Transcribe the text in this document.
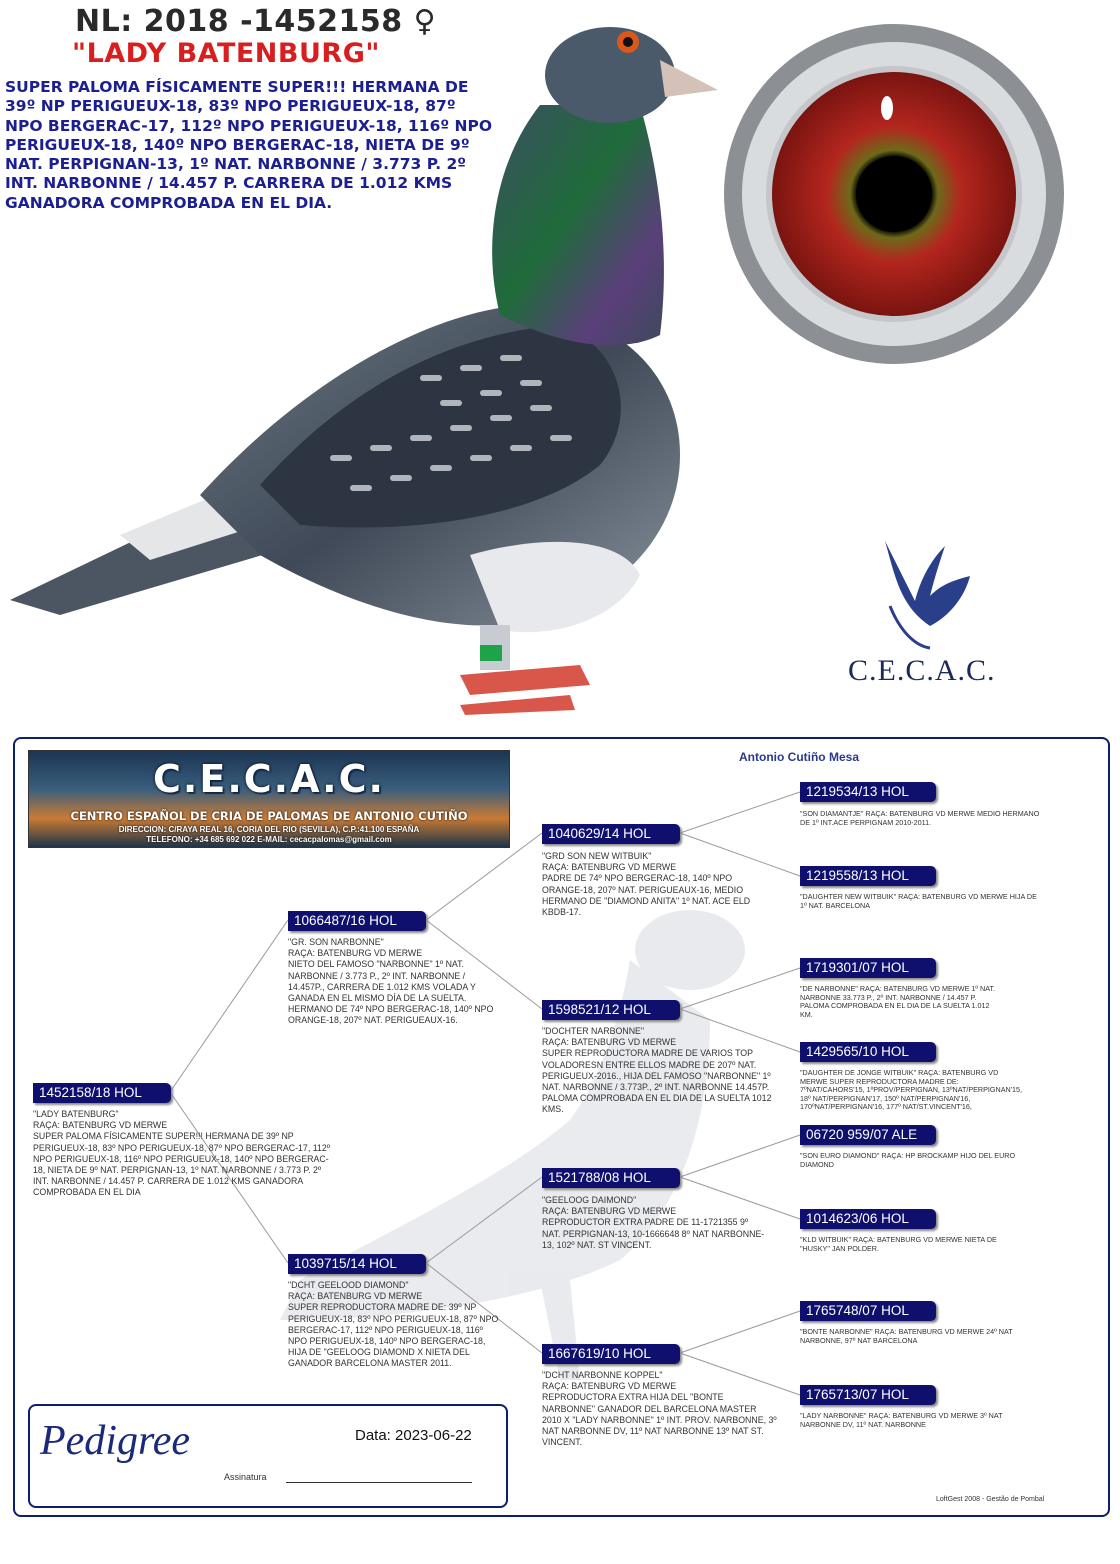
NL: 2018 -1452158 ♀
"LADY BATENBURG"
SUPER PALOMA FÍSICAMENTE SUPER!!! HERMANA DE 39º NP PERIGUEUX-18, 83º NPO PERIGUEUX-18, 87º NPO BERGERAC-17, 112º NPO PERIGUEUX-18, 116º NPO PERIGUEUX-18, 140º NPO BERGERAC-18, NIETA DE 9º NAT. PERPIGNAN-13, 1º NAT. NARBONNE / 3.773 P. 2º INT. NARBONNE / 14.457 P. CARRERA DE 1.012 KMS GANADORA COMPROBADA EN EL DIA.
C.E.C.A.C.
C.E.C.A.C.
CENTRO ESPAÑOL DE CRIA DE PALOMAS DE ANTONIO CUTIÑO
DIRECCION: C/RAYA REAL 16, CORIA DEL RIO (SEVILLA), C.P.:41.100 ESPAÑA
TELEFONO: +34 685 692 022 E-MAIL: cecacpalomas@gmail.com
Antonio Cutiño Mesa
1452158/18 HOL
"LADY BATENBURG"
RAÇA: BATENBURG VD MERWE
SUPER PALOMA FÍSICAMENTE SUPER!!! HERMANA DE 39º NP PERIGUEUX-18, 83º NPO PERIGUEUX-18, 87º NPO BERGERAC-17, 112º NPO PERIGUEUX-18, 116º NPO PERIGUEUX-18, 140º NPO BERGERAC-18, NIETA DE 9º NAT. PERPIGNAN-13, 1º NAT. NARBONNE / 3.773 P. 2º INT. NARBONNE / 14.457 P. CARRERA DE 1.012 KMS GANADORA COMPROBADA EN EL DIA
1066487/16 HOL
"GR. SON NARBONNE"
RAÇA: BATENBURG VD MERWE
NIETO DEL FAMOSO "NARBONNE" 1º NAT. NARBONNE / 3.773 P., 2º INT. NARBONNE / 14.457P., CARRERA DE 1.012 KMS VOLADA Y GANADA EN EL MISMO DÍA DE LA SUELTA. HERMANO DE 74º NPO BERGERAC-18, 140º NPO ORANGE-18, 207º NAT. PERIGUEAUX-16.
1039715/14 HOL
"DCHT GEELOOD DIAMOND"
RAÇA: BATENBURG VD MERWE
SUPER REPRODUCTORA MADRE DE: 39º NP PERIGUEUX-18, 83º NPO PERIGUEUX-18, 87º NPO BERGERAC-17, 112º NPO PERIGUEUX-18, 116º NPO PERIGUEUX-18, 140º NPO BERGERAC-18, HIJA DE "GEELOOG DIAMOND X NIETA DEL GANADOR BARCELONA MASTER 2011.
1040629/14 HOL
"GRD SON NEW WITBUIK"
RAÇA: BATENBURG VD MERWE
PADRE DE 74º NPO BERGERAC-18, 140º NPO ORANGE-18, 207º NAT. PERIGUEAUX-16, MEDIO HERMANO DE "DIAMOND ANITA" 1º NAT. ACE ELD KBDB-17.
1598521/12 HOL
"DOCHTER NARBONNE"
RAÇA: BATENBURG VD MERWE
SUPER REPRODUCTORA MADRE DE VARIOS TOP VOLADORESN ENTRE ELLOS MADRE DE 207º NAT. PERIGUEUX-2016., HIJA DEL FAMOSO "NARBONNE" 1º NAT. NARBONNE / 3.773P., 2º INT. NARBONNE 14.457P. PALOMA COMPROBADA EN EL DIA DE LA SUELTA 1012 KMS.
1521788/08 HOL
"GEELOOG DAIMOND"
RAÇA: BATENBURG VD MERWE
REPRODUCTOR EXTRA PADRE DE 11-1721355 9º NAT. PERPIGNAN-13, 10-1666648 8º NAT NARBONNE-13, 102º NAT. ST VINCENT.
1667619/10 HOL
"DCHT NARBONNE KOPPEL"
RAÇA: BATENBURG VD MERWE
REPRODUCTORA EXTRA HIJA DEL "BONTE NARBONNE" GANADOR DEL BARCELONA MASTER 2010 X "LADY NARBONNE" 1º INT. PROV. NARBONNE, 3º NAT NARBONNE DV, 11º NAT NARBONNE 13º NAT ST. VINCENT.
1219534/13 HOL
"SON DIAMANTJE" RAÇA: BATENBURG VD MERWE MEDIO HERMANO DE 1º INT.ACE PERPIGNAM 2010-2011.
1219558/13 HOL
"DAUGHTER NEW WITBUIK" RAÇA: BATENBURG VD MERWE HIJA DE 1º NAT. BARCELONA
1719301/07 HOL
"DE NARBONNE" RAÇA: BATENBURG VD MERWE 1º NAT. NARBONNE 33.773 P., 2º INT. NARBONNE / 14.457 P. PALOMA COMPROBADA EN EL DIA DE LA SUELTA 1.012 KM.
1429565/10 HOL
"DAUGHTER DE JONGE WITBUIK" RAÇA: BATENBURG VD MERWE SUPER REPRODUCTORA MADRE DE: 7ºNAT/CAHORS'15, 1ºPROV/PERPIGNAN, 13ºNAT/PERPIGNAN'15, 18º NAT/PERPIGNAN'17, 150º NAT/PERPIGNAN'16, 170ºNAT/PERPIGNAN'16, 177º NAT/ST.VINCENT'16,
06720 959/07 ALE
"SON EURO DIAMOND" RAÇA: HP BROCKAMP HIJO DEL EURO DIAMOND
1014623/06 HOL
"KLD WITBUIK" RAÇA: BATENBURG VD MERWE NIETA DE "HUSKY" JAN POLDER.
1765748/07 HOL
"BONTE NARBONNE" RAÇA: BATENBURG VD MERWE 24º NAT NARBONNE, 97º NAT BARCELONA
1765713/07 HOL
"LADY NARBONNE" RAÇA: BATENBURG VD MERWE 3º NAT NARBONNE DV, 11º NAT. NARBONNE
Pedigree	Data: 2023-06-22
Assinatura
LoftGest 2008 - Gestão de Pombal
